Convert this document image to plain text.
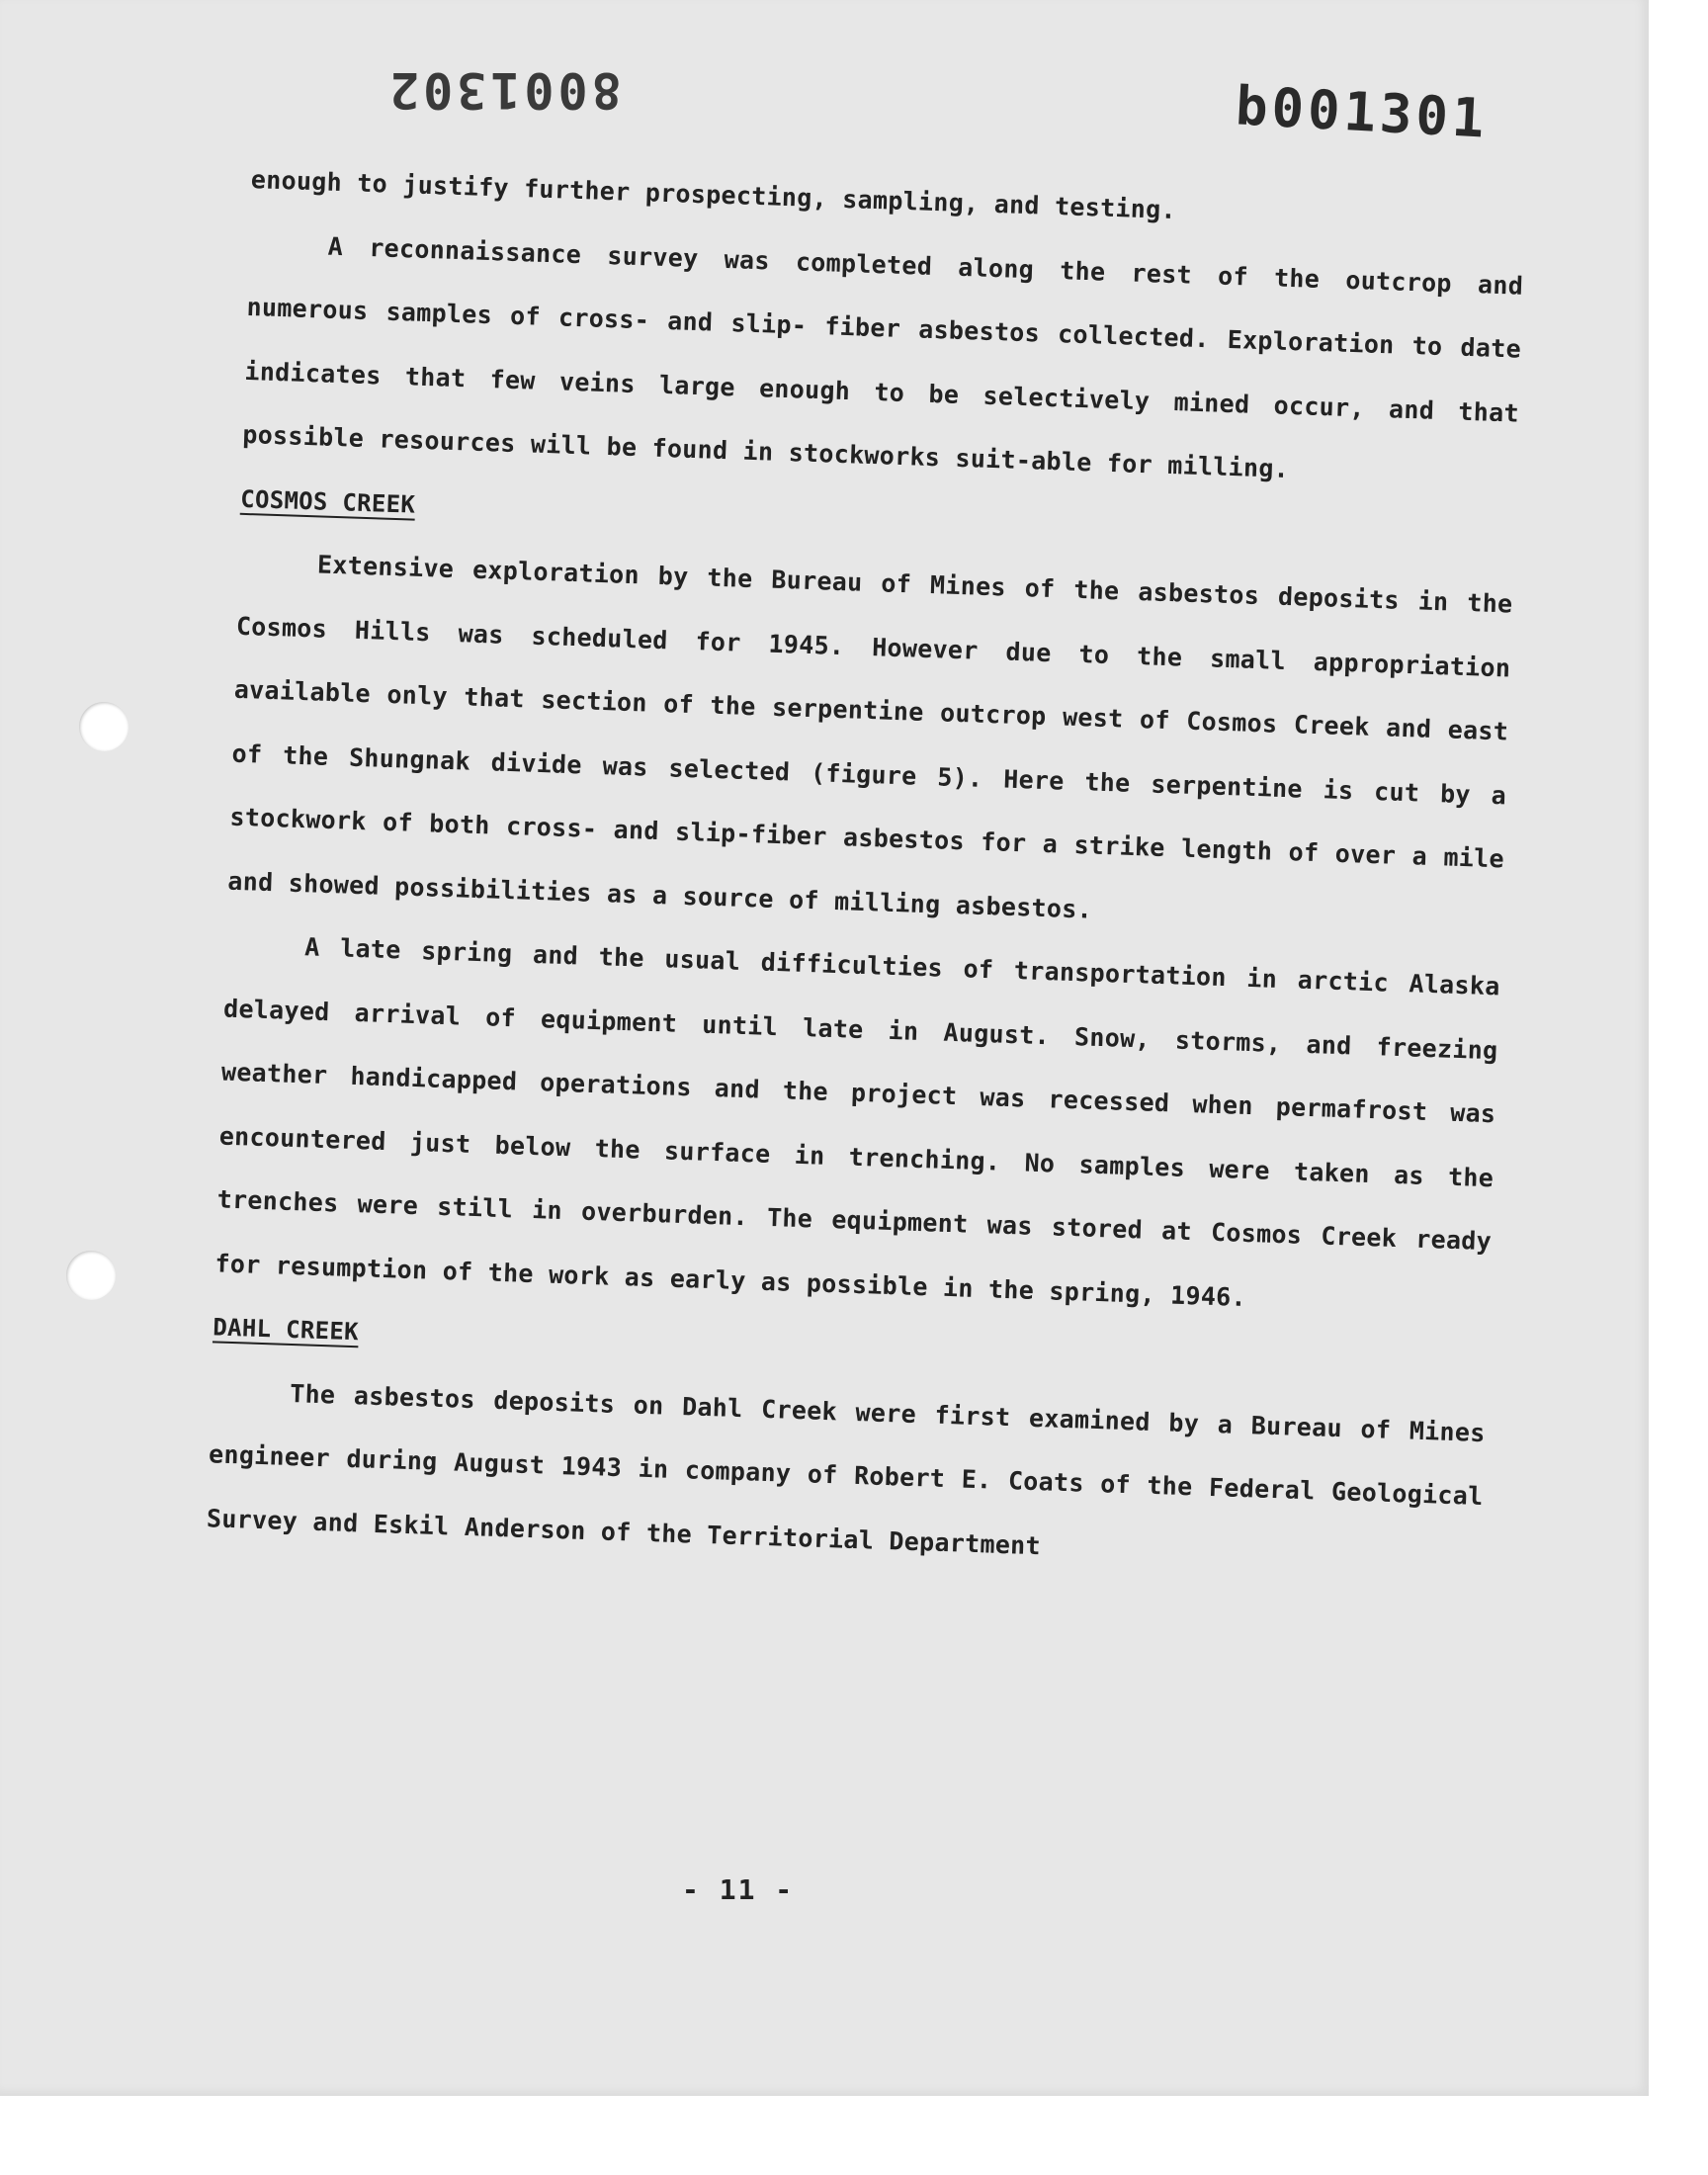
8001302	b001301

enough to justify further prospecting, sampling, and testing.

A reconnaissance survey was completed along the rest of the outcrop and numerous samples of cross- and slip- fiber asbestos collected. Exploration to date indicates that few veins large enough to be selectively mined occur, and that possible resources will be found in stockworks suit-able for milling.

COSMOS CREEK

Extensive exploration by the Bureau of Mines of the asbestos deposits in the Cosmos Hills was scheduled for 1945. However due to the small appropriation available only that section of the serpentine outcrop west of Cosmos Creek and east of the Shungnak divide was selected (figure 5). Here the serpentine is cut by a stockwork of both cross- and slip-fiber asbestos for a strike length of over a mile and showed possibilities as a source of milling asbestos.

A late spring and the usual difficulties of transportation in arctic Alaska delayed arrival of equipment until late in August. Snow, storms, and freezing weather handicapped operations and the project was recessed when permafrost was encountered just below the surface in trenching. No samples were taken as the trenches were still in overburden. The equipment was stored at Cosmos Creek ready for resumption of the work as early as possible in the spring, 1946.

DAHL CREEK

The asbestos deposits on Dahl Creek were first examined by a Bureau of Mines engineer during August 1943 in company of Robert E. Coats of the Federal Geological Survey and Eskil Anderson of the Territorial Department

- 11 -
